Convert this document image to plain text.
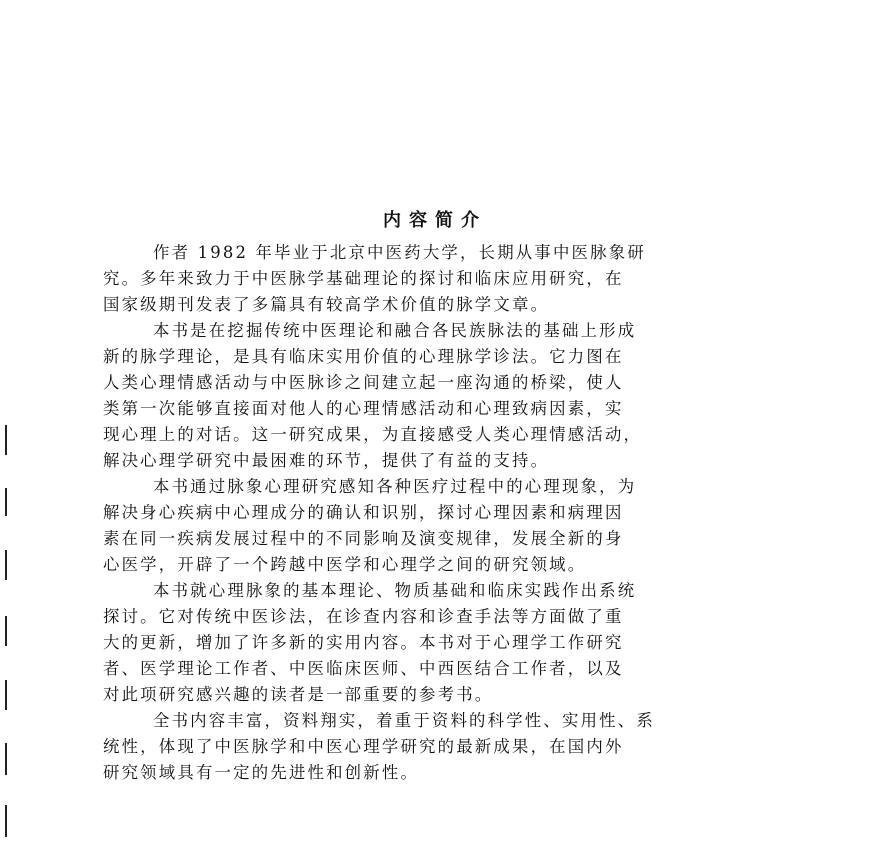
内容简介

作者 1982 年毕业于北京中医药大学，长期从事中医脉象研
究。多年来致力于中医脉学基础理论的探讨和临床应用研究，在
国家级期刊发表了多篇具有较高学术价值的脉学文章。

本书是在挖掘传统中医理论和融合各民族脉法的基础上形成
新的脉学理论，是具有临床实用价值的心理脉学诊法。它力图在
人类心理情感活动与中医脉诊之间建立起一座沟通的桥梁，使人
类第一次能够直接面对他人的心理情感活动和心理致病因素，实
现心理上的对话。这一研究成果，为直接感受人类心理情感活动，
解决心理学研究中最困难的环节，提供了有益的支持。

本书通过脉象心理研究感知各种医疗过程中的心理现象，为
解决身心疾病中心理成分的确认和识别，探讨心理因素和病理因
素在同一疾病发展过程中的不同影响及演变规律，发展全新的身
心医学，开辟了一个跨越中医学和心理学之间的研究领域。

本书就心理脉象的基本理论、物质基础和临床实践作出系统
探讨。它对传统中医诊法，在诊查内容和诊查手法等方面做了重
大的更新，增加了许多新的实用内容。本书对于心理学工作研究
者、医学理论工作者、中医临床医师、中西医结合工作者，以及
对此项研究感兴趣的读者是一部重要的参考书。

全书内容丰富，资料翔实，着重于资料的科学性、实用性、系
统性，体现了中医脉学和中医心理学研究的最新成果，在国内外
研究领域具有一定的先进性和创新性。
